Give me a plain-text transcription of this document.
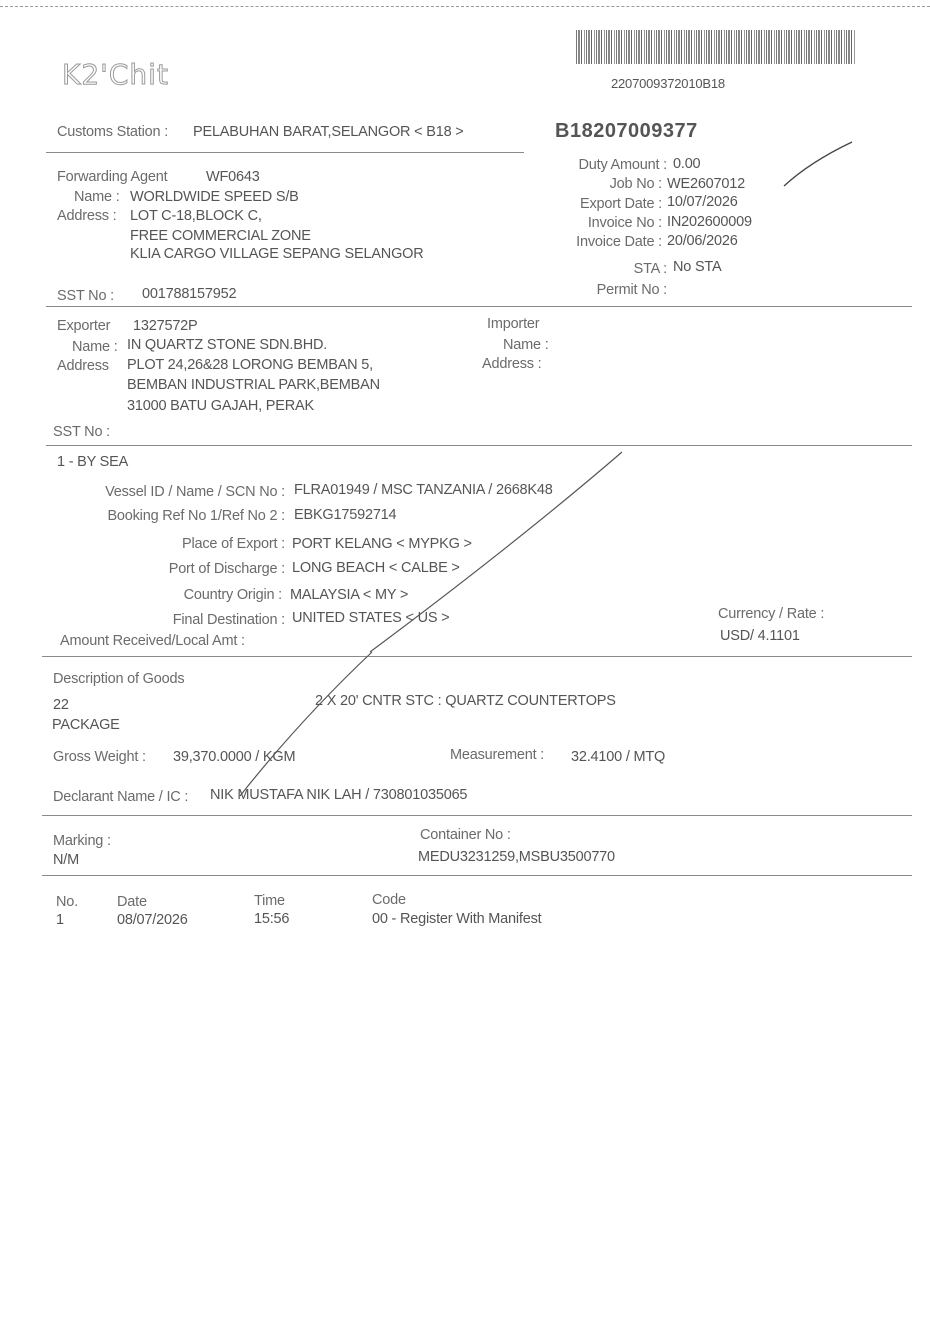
K2'Chit	2207009372010B18
Customs Station : PELABUHAN BARAT,SELANGOR < B18 >	B18207009377
Forwarding Agent	WF0643
Name : WORLDWIDE SPEED S/B
Address : LOT C-18,BLOCK C,
FREE COMMERCIAL ZONE
KLIA CARGO VILLAGE SEPANG SELANGOR
SST No : 001788157952
Duty Amount : 0.00
Job No : WE2607012
Export Date : 10/07/2026
Invoice No : IN202600009
Invoice Date : 20/06/2026
STA : No STA
Permit No :
Exporter 1327572P
Name : IN QUARTZ STONE SDN.BHD.
Address PLOT 24,26&28 LORONG BEMBAN 5,
BEMBAN INDUSTRIAL PARK,BEMBAN
31000 BATU GAJAH, PERAK
SST No :
Importer
Name :
Address :
1 - BY SEA
Vessel ID / Name / SCN No : FLRA01949 / MSC TANZANIA / 2668K48
Booking Ref No 1/Ref No 2 : EBKG17592714
Place of Export : PORT KELANG < MYPKG >
Port of Discharge : LONG BEACH < CALBE >
Country Origin : MALAYSIA < MY >
Final Destination : UNITED STATES < US >
Amount Received/Local Amt :
Currency / Rate :
USD/ 4.1101
Description of Goods
22
PACKAGE
2 X 20' CNTR STC : QUARTZ COUNTERTOPS
Gross Weight : 39,370.0000 / KGM	Measurement : 32.4100 / MTQ
Declarant Name / IC : NIK MUSTAFA NIK LAH / 730801035065
Marking :
N/M
Container No :
MEDU3231259,MSBU3500770
No.	Date	Time	Code
1	08/07/2026	15:56	00 - Register With Manifest
